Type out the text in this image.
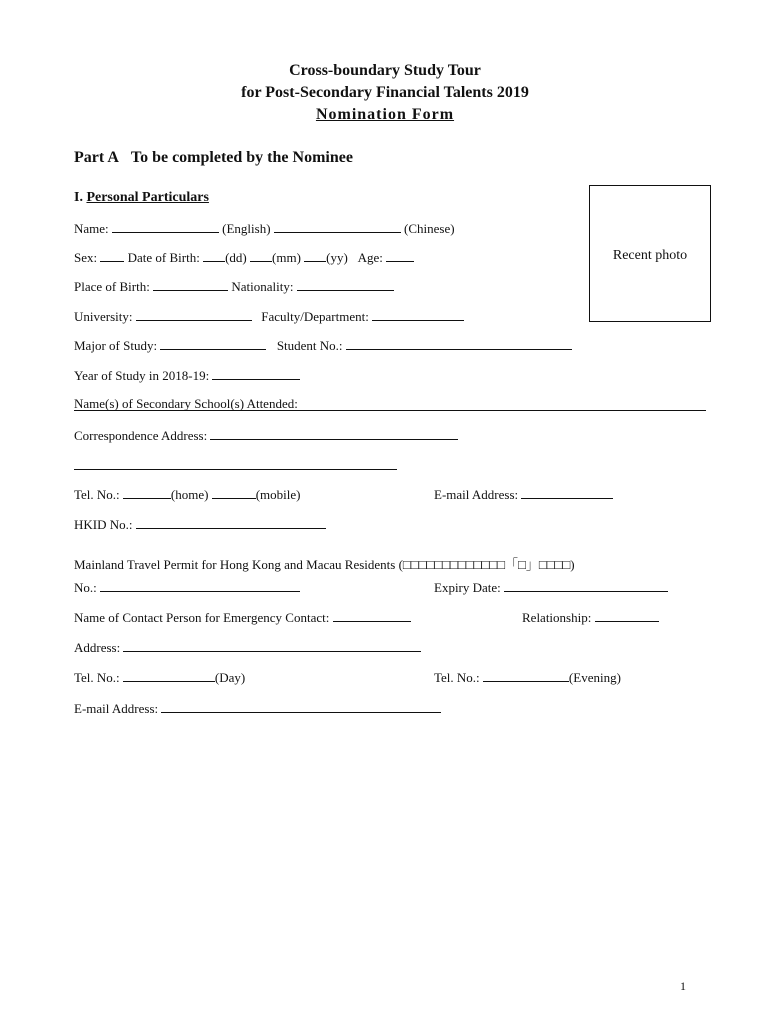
Cross-boundary Study Tour
for Post-Secondary Financial Talents 2019
Nomination Form
Part A To be completed by the Nominee
I. Personal Particulars
Recent photo
Name:	(English)	(Chinese)
Sex: Date of Birth: (dd) (mm) (yy) Age:
Place of Birth:	Nationality:
University:	Faculty/Department:
Major of Study:	Student No.:
Year of Study in 2018-19:
Name(s) of Secondary School(s) Attended:
Correspondence Address:
Tel. No.:	(home)	(mobile)	E-mail Address:
HKID No.:
Mainland Travel Permit for Hong Kong and Macau Residents (□□□□□□□□□□□□□「□」□□□□)
No.:	Expiry Date:
Name of Contact Person for Emergency Contact:	Relationship:
Address:
Tel. No.:	(Day)	Tel. No.:	(Evening)
E-mail Address:
1
